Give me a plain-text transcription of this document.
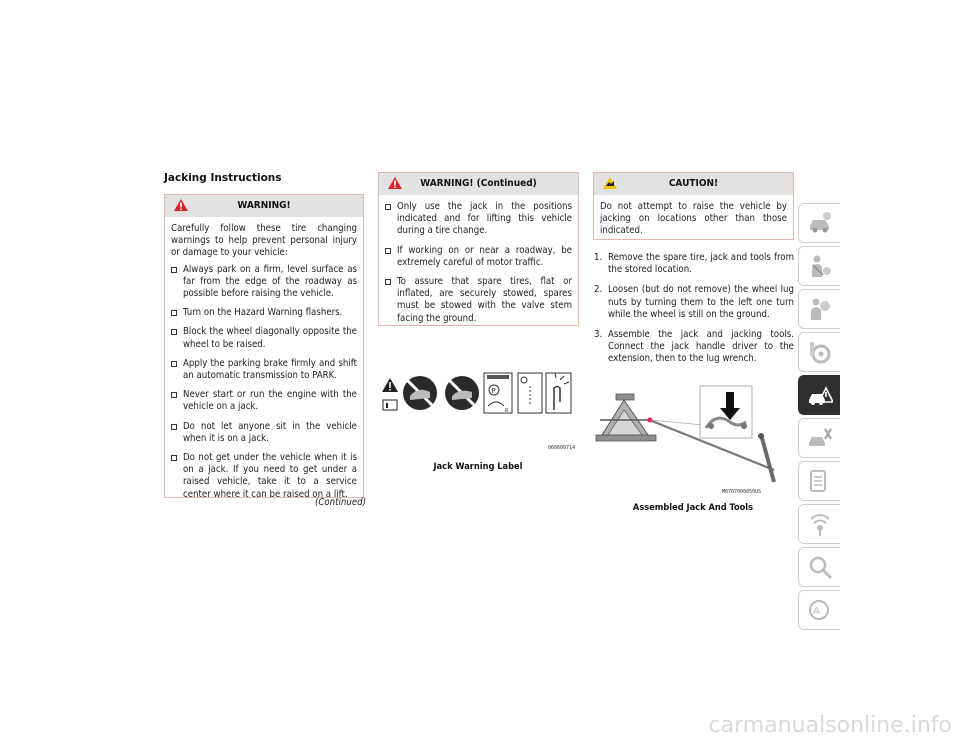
Jacking Instructions
WARNING!

Carefully follow these tire changing warnings to help prevent personal injury or damage to your vehicle:

Always park on a firm, level surface as far from the edge of the roadway as possible before raising the vehicle.
Turn on the Hazard Warning flashers.
Block the wheel diagonally opposite the wheel to be raised.
Apply the parking brake firmly and shift an automatic transmission to PARK.
Never start or run the engine with the vehicle on a jack.
Do not let anyone sit in the vehicle when it is on a jack.
Do not get under the vehicle when it is on a jack. If you need to get under a raised vehicle, take it to a service center where it can be raised on a lift.
(Continued)
WARNING! (Continued)
Only use the jack in the positions indicated and for lifting this vehicle during a tire change.
If working on or near a roadway, be extremely careful of motor traffic.
To assure that spare tires, flat or inflated, are securely stowed, spares must be stowed with the valve stem facing the ground.
P
R
060600714
Jack Warning Label
CAUTION!

Do not attempt to raise the vehicle by jacking on locations other than those indicated.

1. Remove the spare tire, jack and tools from the stored location.
2. Loosen (but do not remove) the wheel lug nuts by turning them to the left one turn while the wheel is still on the ground.
3. Assemble the jack and jacking tools. Connect the jack handle driver to the extension, then to the lug wrench.
M0707000050US
Assembled Jack And Tools
A
carmanualsonline.info
